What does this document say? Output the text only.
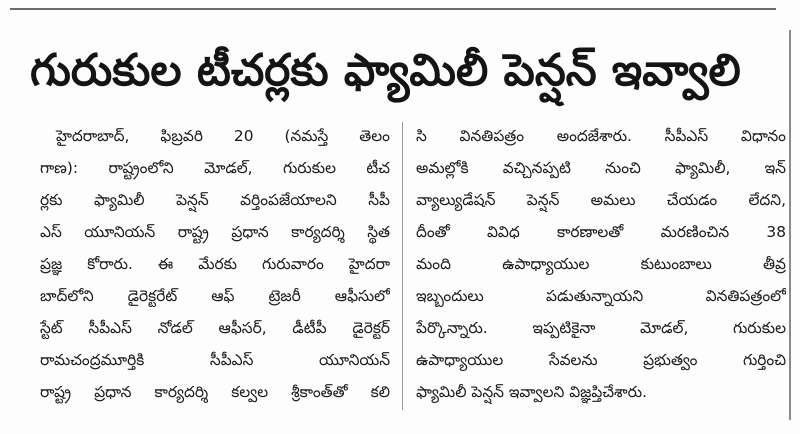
గురుకుల టీచర్లకు ఫ్యామిలీ పెన్షన్ ఇవ్వాలి
హైదరాబాద్, ఫిబ్రవరి 20 (నమస్తే తెలం
గాణ): రాష్ట్రంలోని మోడల్, గురుకుల టీచ
ర్లకు ఫ్యామిలీ పెన్షన్ వర్తింపజేయాలని సీపీ
ఎస్ యూనియన్ రాష్ట్ర ప్రధాన కార్యదర్శి స్థిత
ప్రజ్ఞ కోరారు. ఈ మేరకు గురువారం హైదరా
బాద్‌లోని డైరెక్టరేట్ ఆఫ్ ట్రెజరీ ఆఫీసులో
స్టేట్ సీపీఎస్ నోడల్ ఆఫీసర్, డీటీపీ డైరెక్టర్
రామచంద్రమూర్తికి సీపీఎస్ యూనియన్
రాష్ట్ర ప్రధాన కార్యదర్శి కల్వల శ్రీకాంత్‌తో కలి
సి వినతిపత్రం అందజేశారు. సీపీఎస్ విధానం
అమల్లోకి వచ్చినప్పటి నుంచి ఫ్యామిలీ, ఇన్
వ్యాల్యుడేషన్ పెన్షన్ అమలు చేయడం లేదని,
దీంతో వివిధ కారణాలతో మరణించిన 38
మంది ఉపాధ్యాయుల కుటుంబాలు తీవ్ర
ఇబ్బందులు పడుతున్నాయని వినతిపత్రంలో
పేర్కొన్నారు. ఇప్పటికైనా మోడల్, గురుకుల
ఉపాధ్యాయుల సేవలను ప్రభుత్వం గుర్తించి
ఫ్యామిలీ పెన్షన్ ఇవ్వాలని విజ్ఞప్తిచేశారు.
